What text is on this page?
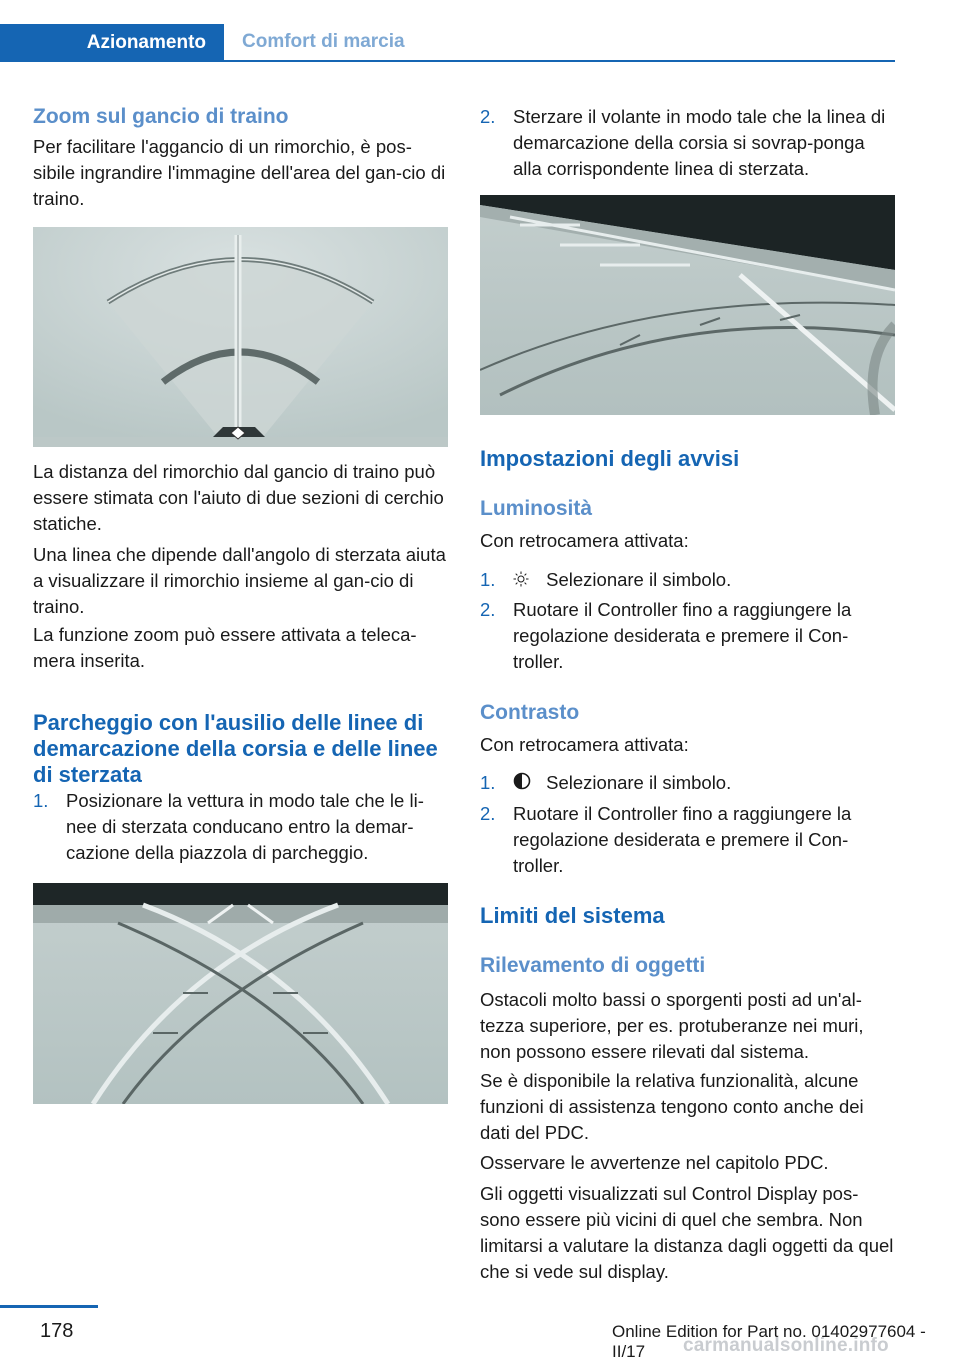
Azionamento	Comfort di marcia
Zoom sul gancio di traino

Per facilitare l'aggancio di un rimorchio, è pos-sibile ingrandire l'immagine dell'area del gan-cio di traino.

La distanza del rimorchio dal gancio di traino può essere stimata con l'aiuto di due sezioni di cerchio statiche.

Una linea che dipende dall'angolo di sterzata aiuta a visualizzare il rimorchio insieme al gan-cio di traino.

La funzione zoom può essere attivata a teleca-mera inserita.

Parcheggio con l'ausilio delle linee di demarcazione della corsia e delle linee di sterzata
1. Posizionare la vettura in modo tale che le li-nee di sterzata conducano entro la demar-cazione della piazzola di parcheggio.
2. Sterzare il volante in modo tale che la linea di demarcazione della corsia si sovrap-ponga alla corrispondente linea di sterzata.
Impostazioni degli avvisi
Luminosità

Con retrocamera attivata:

1.	Selezionare il simbolo.
2. Ruotare il Controller fino a raggiungere la regolazione desiderata e premere il Con-troller.
Contrasto

Con retrocamera attivata:

1.	Selezionare il simbolo.
2. Ruotare il Controller fino a raggiungere la regolazione desiderata e premere il Con-troller.
Limiti del sistema
Rilevamento di oggetti

Ostacoli molto bassi o sporgenti posti ad un'al-tezza superiore, per es. protuberanze nei muri, non possono essere rilevati dal sistema.

Se è disponibile la relativa funzionalità, alcune funzioni di assistenza tengono conto anche dei dati del PDC.

Osservare le avvertenze nel capitolo PDC.

Gli oggetti visualizzati sul Control Display pos-sono essere più vicini di quel che sembra. Non limitarsi a valutare la distanza dagli oggetti da quel che si vede sul display.

178	Online Edition for Part no. 01402977604 - II/17	carmanualsonline.info
